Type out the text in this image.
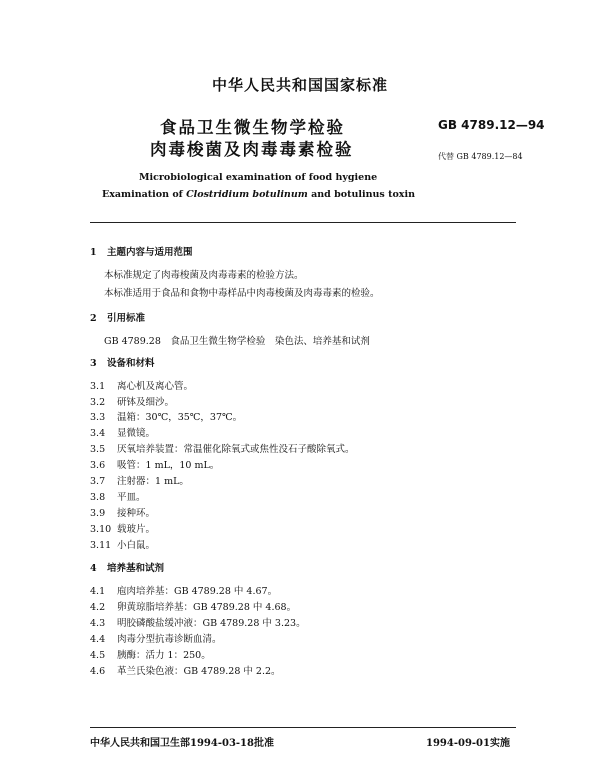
中华人民共和国国家标准
食品卫生微生物学检验
肉毒梭菌及肉毒毒素检验
GB 4789.12—94
代替 GB 4789.12—84
Microbiological examination of food hygiene
Examination of Clostridium botulinum and botulinus toxin
1 主题内容与适用范围
本标准规定了肉毒梭菌及肉毒毒素的检验方法。
本标准适用于食品和食物中毒样品中肉毒梭菌及肉毒毒素的检验。
2 引用标准
GB 4789.28　食品卫生微生物学检验　染色法、培养基和试剂
3 设备和材料
3.1 离心机及离心管。
3.2 研钵及细沙。
3.3 温箱：30℃，35℃，37℃。
3.4 显微镜。
3.5 厌氧培养装置：常温催化除氧式或焦性没石子酸除氧式。
3.6 吸管：1 mL，10 mL。
3.7 注射器：1 mL。
3.8 平皿。
3.9 接种环。
3.10 载玻片。
3.11 小白鼠。
4 培养基和试剂
4.1 庖肉培养基：GB 4789.28 中 4.67。
4.2 卵黄琼脂培养基：GB 4789.28 中 4.68。
4.3 明胶磷酸盐缓冲液：GB 4789.28 中 3.23。
4.4 肉毒分型抗毒诊断血清。
4.5 胰酶：活力 1：250。
4.6 革兰氏染色液：GB 4789.28 中 2.2。
中华人民共和国卫生部1994-03-18批准	1994-09-01实施
